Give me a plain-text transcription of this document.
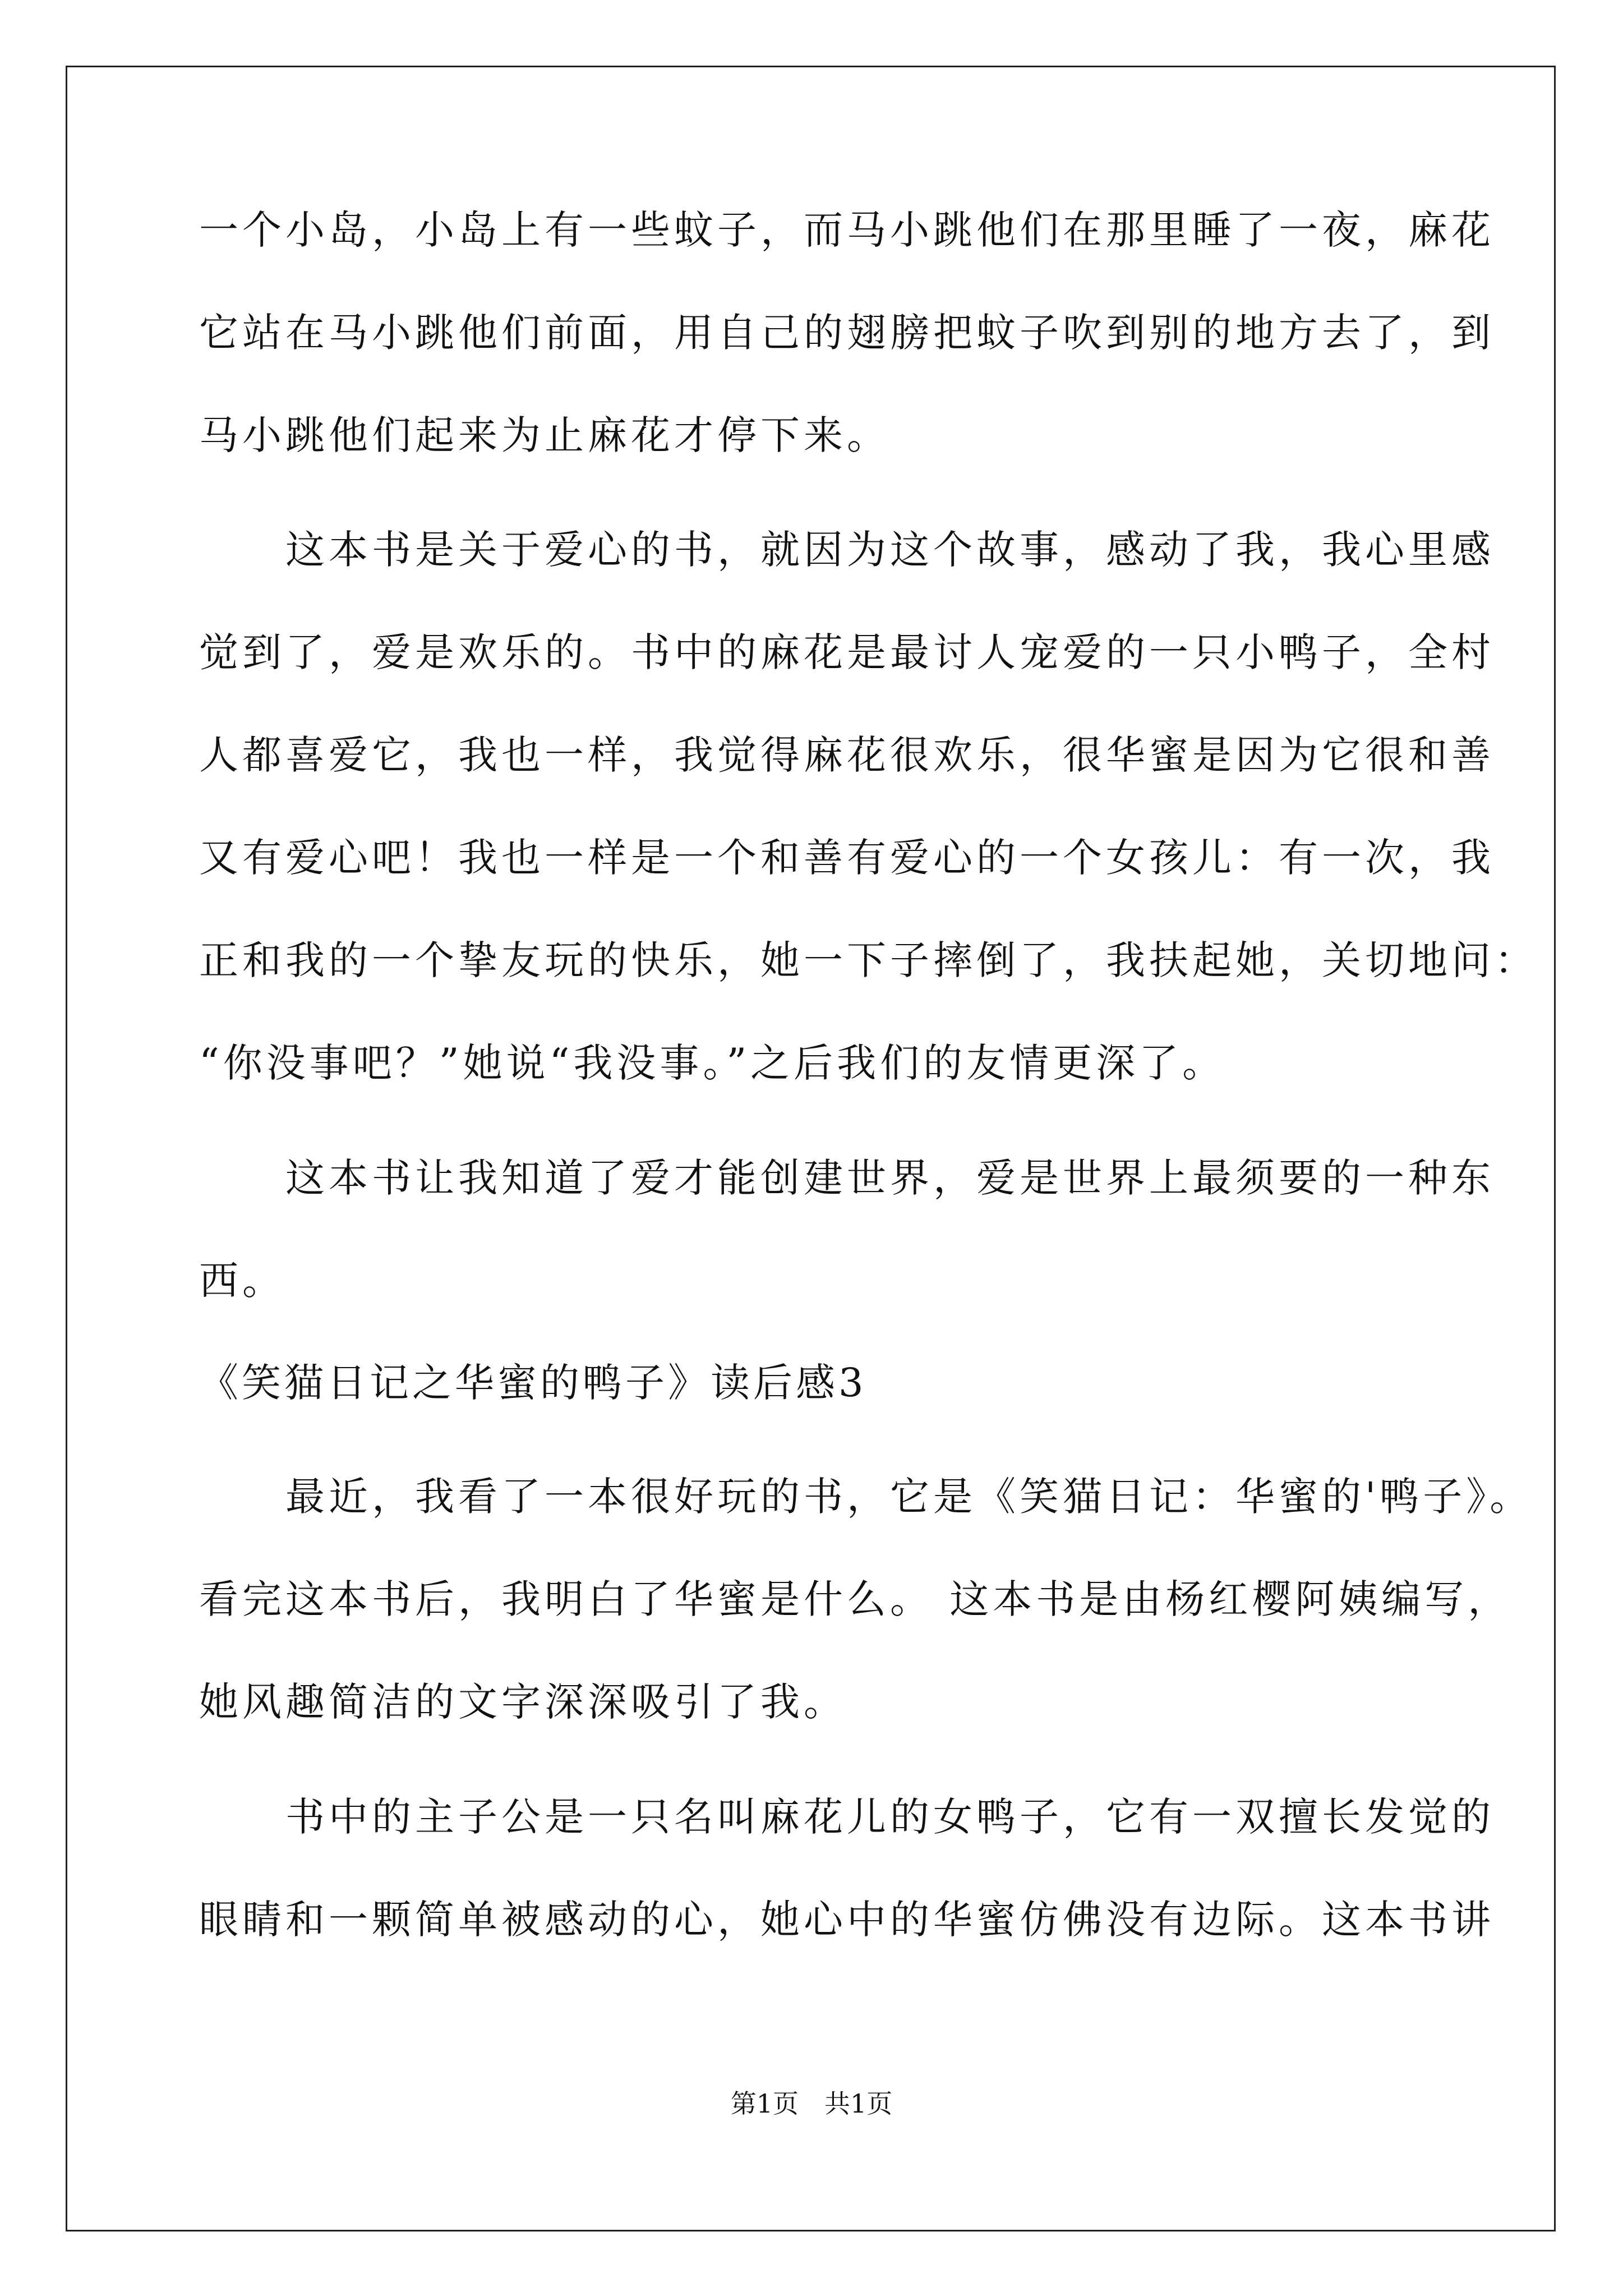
一个小岛，小岛上有一些蚊子，而马小跳他们在那里睡了一夜，麻花
它站在马小跳他们前面，用自己的翅膀把蚊子吹到别的地方去了，到
马小跳他们起来为止麻花才停下来。
　　这本书是关于爱心的书，就因为这个故事，感动了我，我心里感
觉到了，爱是欢乐的。书中的麻花是最讨人宠爱的一只小鸭子，全村
人都喜爱它，我也一样，我觉得麻花很欢乐，很华蜜是因为它很和善
又有爱心吧！我也一样是一个和善有爱心的一个女孩儿：有一次，我
正和我的一个挚友玩的快乐，她一下子摔倒了，我扶起她，关切地问：
“你没事吧？”她说“我没事。”之后我们的友情更深了。
　　这本书让我知道了爱才能创建世界，爱是世界上最须要的一种东
西。
《笑猫日记之华蜜的鸭子》读后感3
　　最近，我看了一本很好玩的书，它是《笑猫日记：华蜜的'鸭子》。
看完这本书后，我明白了华蜜是什么。 这本书是由杨红樱阿姨编写，
她风趣简洁的文字深深吸引了我。
　　书中的主子公是一只名叫麻花儿的女鸭子，它有一双擅长发觉的
眼睛和一颗简单被感动的心，她心中的华蜜仿佛没有边际。这本书讲
第1页　共1页
